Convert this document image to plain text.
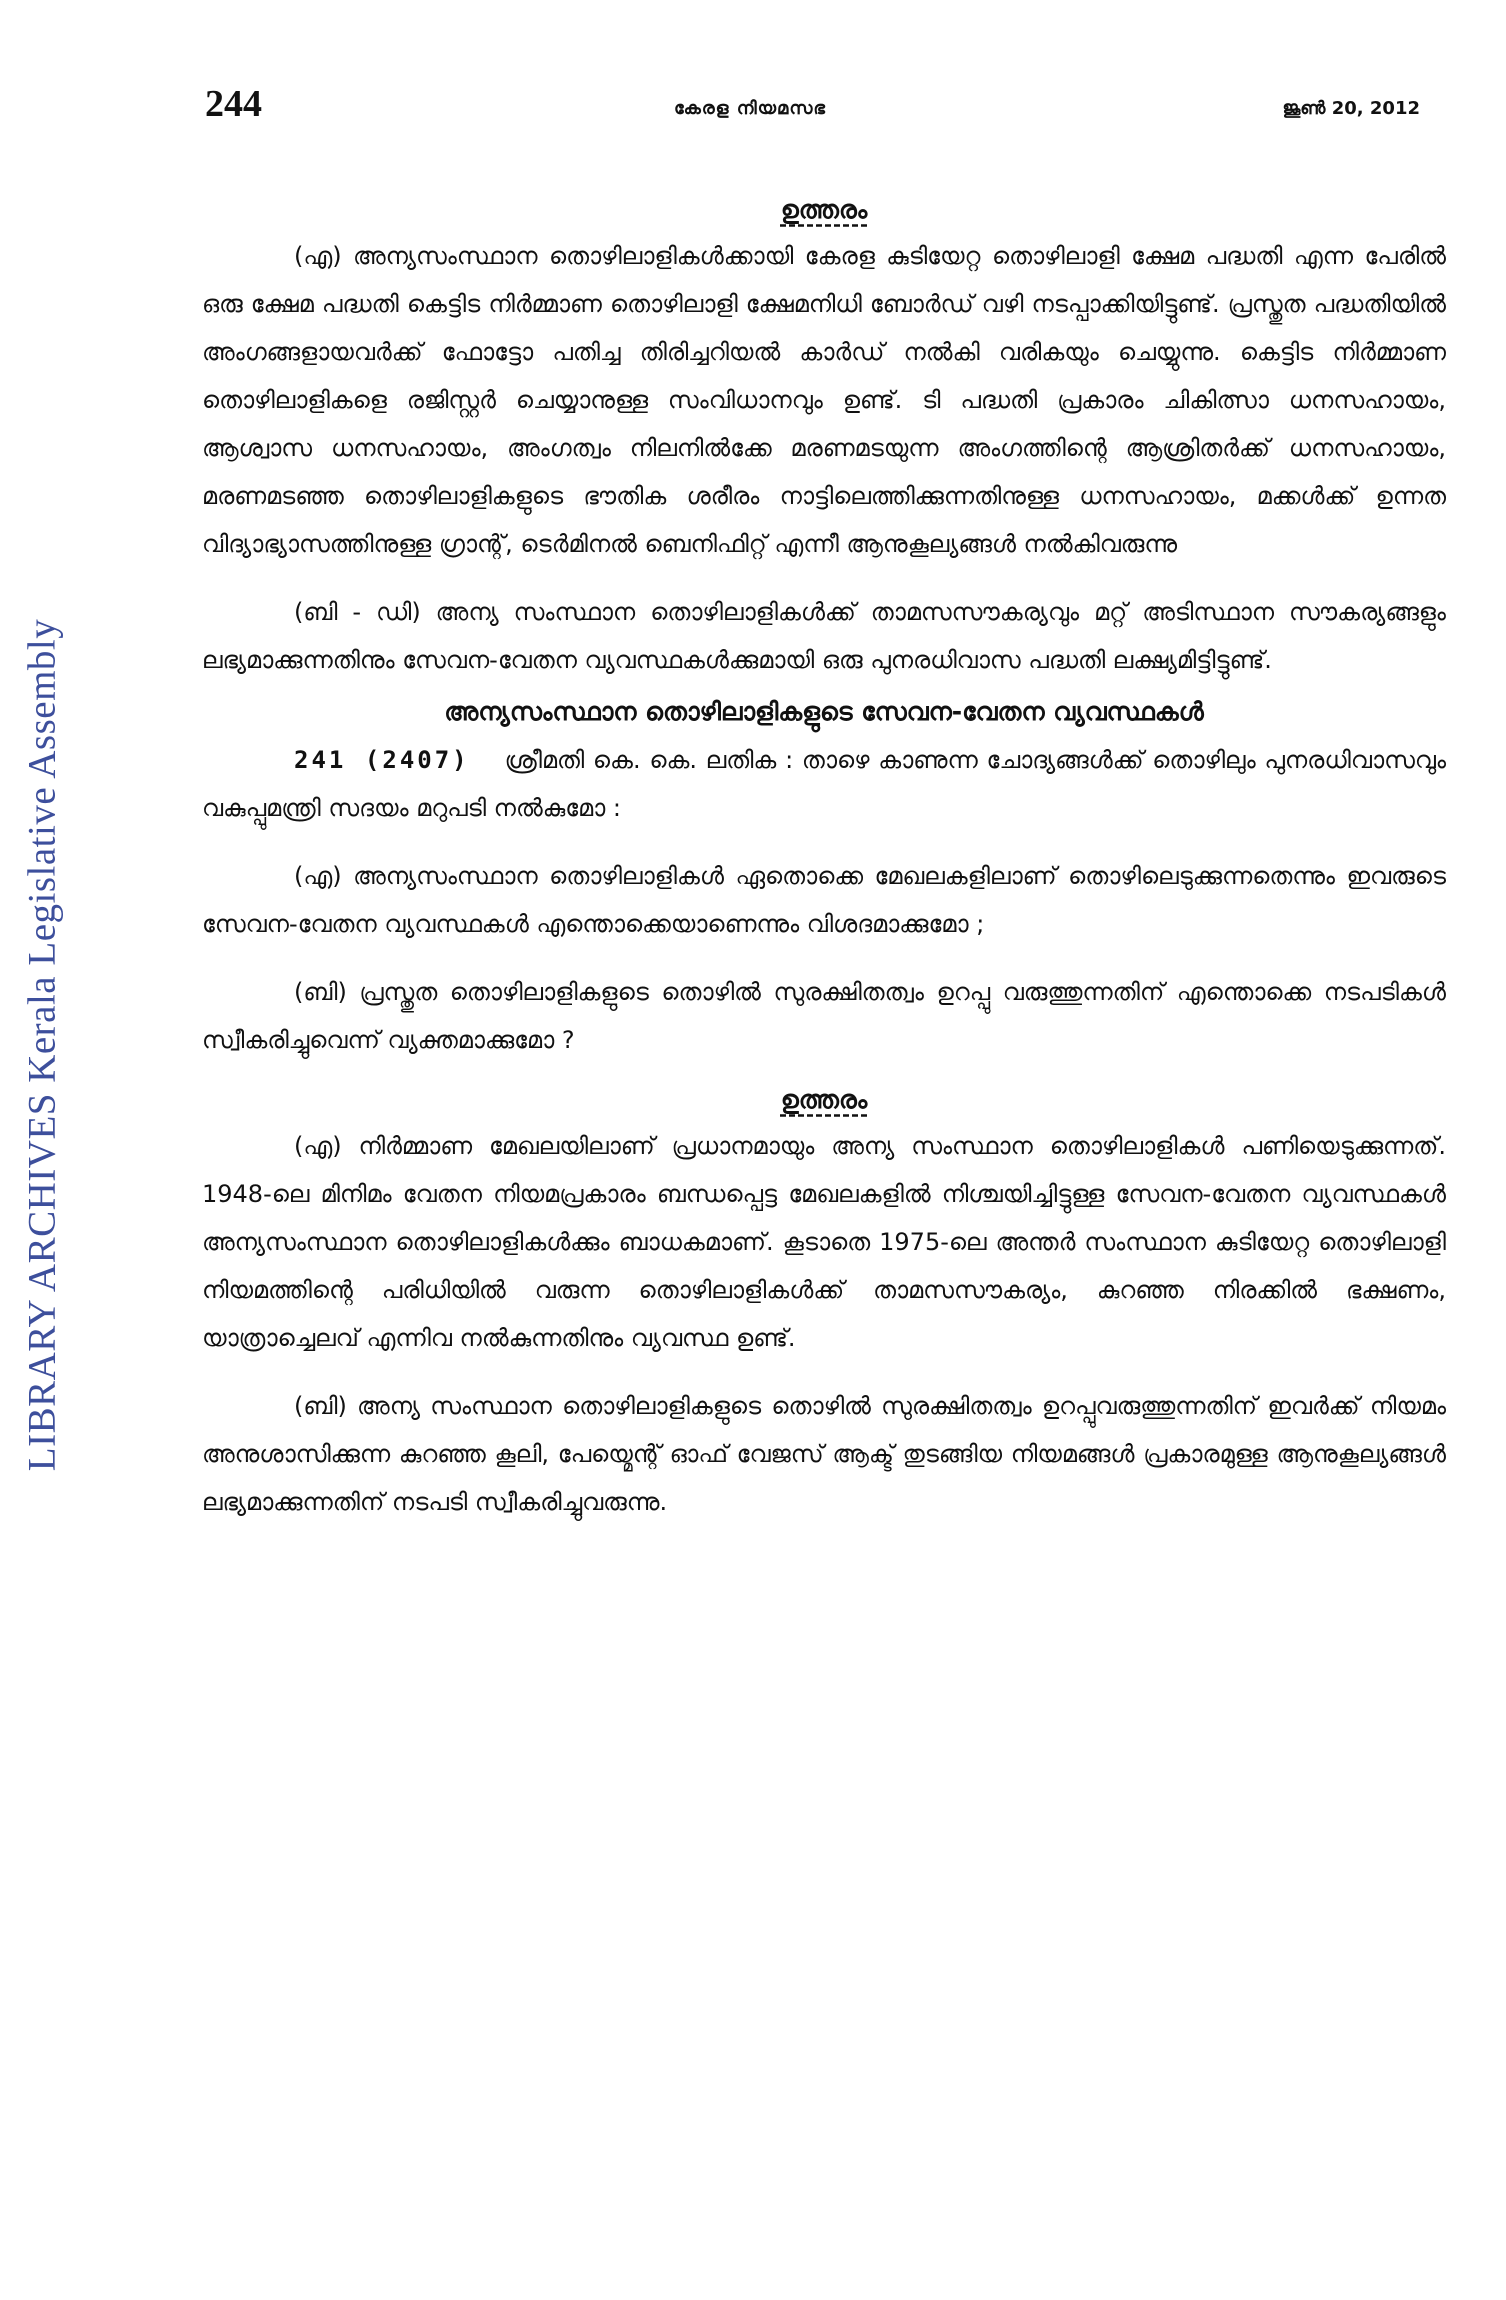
244	കേരള നിയമസഭ	ജൂൺ 20, 2012
LIBRARY ARCHIVES Kerala Legislative Assembly
ഉത്തരം

(എ) അന്യസംസ്ഥാന തൊഴിലാളികൾക്കായി കേരള കുടിയേറ്റ തൊഴിലാളി ക്ഷേമ പദ്ധതി എന്ന പേരിൽ ഒരു ക്ഷേമ പദ്ധതി കെട്ടിട നിർമ്മാണ തൊഴിലാളി ക്ഷേമനിധി ബോർഡ് വഴി നടപ്പാക്കിയിട്ടുണ്ട്. പ്രസ്തുത പദ്ധതിയിൽ അംഗങ്ങളായവർക്ക് ഫോട്ടോ പതിച്ച തിരിച്ചറിയൽ കാർഡ് നൽകി വരികയും ചെയ്യുന്നു. കെട്ടിട നിർമ്മാണ തൊഴിലാളികളെ രജിസ്റ്റർ ചെയ്യാനുള്ള സംവിധാനവും ഉണ്ട്. ടി പദ്ധതി പ്രകാരം ചികിത്സാ ധനസഹായം, ആശ്വാസ ധനസഹായം, അംഗത്വം നിലനിൽക്കേ മരണമടയുന്ന അംഗത്തിന്റെ ആശ്രിതർക്ക് ധനസഹായം, മരണമടഞ്ഞ തൊഴിലാളികളുടെ ഭൗതിക ശരീരം നാട്ടിലെത്തിക്കുന്നതിനുള്ള ധനസഹായം, മക്കൾക്ക് ഉന്നത വിദ്യാഭ്യാസത്തിനുള്ള ഗ്രാന്റ്, ടെർമിനൽ ബെനിഫിറ്റ് എന്നീ ആനുകൂല്യങ്ങൾ നൽകിവരുന്നു

(ബി - ഡി) അന്യ സംസ്ഥാന തൊഴിലാളികൾക്ക് താമസസൗകര്യവും മറ്റ് അടിസ്ഥാന സൗകര്യങ്ങളും ലഭ്യമാക്കുന്നതിനും സേവന-വേതന വ്യവസ്ഥകൾക്കുമായി ഒരു പുനരധിവാസ പദ്ധതി ലക്ഷ്യമിട്ടിട്ടുണ്ട്.

അന്യസംസ്ഥാന തൊഴിലാളികളുടെ സേവന-വേതന വ്യവസ്ഥകൾ

241 (2407) ശ്രീമതി കെ. കെ. ലതിക : താഴെ കാണുന്ന ചോദ്യങ്ങൾക്ക് തൊഴിലും പുനരധിവാസവും വകുപ്പുമന്ത്രി സദയം മറുപടി നൽകുമോ :

(എ) അന്യസംസ്ഥാന തൊഴിലാളികൾ ഏതൊക്കെ മേഖലകളിലാണ് തൊഴിലെടുക്കുന്നതെന്നും ഇവരുടെ സേവന-വേതന വ്യവസ്ഥകൾ എന്തൊക്കെയാണെന്നും വിശദമാക്കുമോ ;

(ബി) പ്രസ്തുത തൊഴിലാളികളുടെ തൊഴിൽ സുരക്ഷിതത്വം ഉറപ്പു വരുത്തുന്നതിന് എന്തൊക്കെ നടപടികൾ സ്വീകരിച്ചുവെന്ന് വ്യക്തമാക്കുമോ ?

ഉത്തരം

(എ) നിർമ്മാണ മേഖലയിലാണ് പ്രധാനമായും അന്യ സംസ്ഥാന തൊഴിലാളികൾ പണിയെടുക്കുന്നത്. 1948-ലെ മിനിമം വേതന നിയമപ്രകാരം ബന്ധപ്പെട്ട മേഖലകളിൽ നിശ്ചയിച്ചിട്ടുള്ള സേവന-വേതന വ്യവസ്ഥകൾ അന്യസംസ്ഥാന തൊഴിലാളികൾക്കും ബാധകമാണ്. കൂടാതെ 1975-ലെ അന്തർ സംസ്ഥാന കുടിയേറ്റ തൊഴിലാളി നിയമത്തിന്റെ പരിധിയിൽ വരുന്ന തൊഴിലാളികൾക്ക് താമസസൗകര്യം, കുറഞ്ഞ നിരക്കിൽ ഭക്ഷണം, യാത്രാച്ചെലവ് എന്നിവ നൽകുന്നതിനും വ്യവസ്ഥ ഉണ്ട്.

(ബി) അന്യ സംസ്ഥാന തൊഴിലാളികളുടെ തൊഴിൽ സുരക്ഷിതത്വം ഉറപ്പുവരുത്തുന്നതിന് ഇവർക്ക് നിയമം അനുശാസിക്കുന്ന കുറഞ്ഞ കൂലി, പേയ്മെന്റ് ഓഫ് വേജസ് ആക്ട് തുടങ്ങിയ നിയമങ്ങൾ പ്രകാരമുള്ള ആനുകൂല്യങ്ങൾ ലഭ്യമാക്കുന്നതിന് നടപടി സ്വീകരിച്ചുവരുന്നു.
